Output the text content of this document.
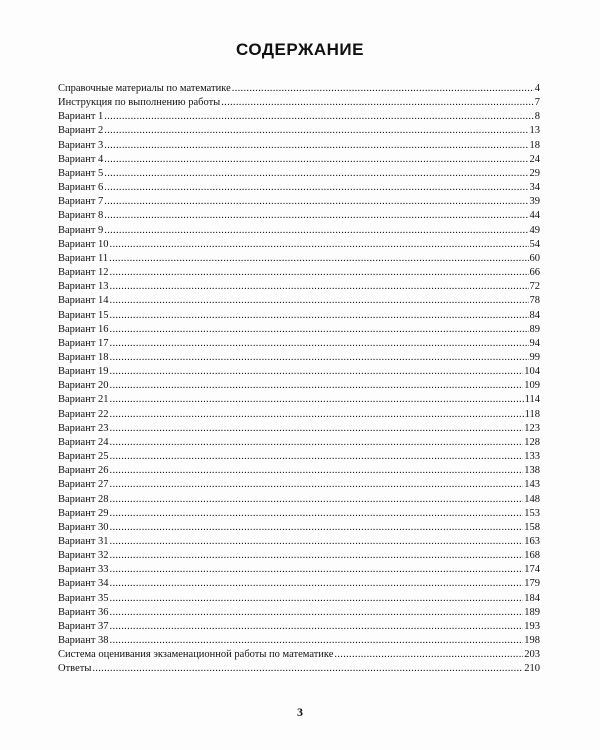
СОДЕРЖАНИЕ
Справочные материалы по математике .....	4
Инструкция по выполнению работы .....	7
Вариант 1 .....	8
Вариант 2 .....	13
Вариант 3 .....	18
Вариант 4 .....	24
Вариант 5 .....	29
Вариант 6 .....	34
Вариант 7 .....	39
Вариант 8 .....	44
Вариант 9 .....	49
Вариант 10 .....	54
Вариант 11 .....	60
Вариант 12 .....	66
Вариант 13 .....	72
Вариант 14 .....	78
Вариант 15 .....	84
Вариант 16 .....	89
Вариант 17 .....	94
Вариант 18 .....	99
Вариант 19 .....	104
Вариант 20 .....	109
Вариант 21 .....	114
Вариант 22 .....	118
Вариант 23 .....	123
Вариант 24 .....	128
Вариант 25 .....	133
Вариант 26 .....	138
Вариант 27 .....	143
Вариант 28 .....	148
Вариант 29 .....	153
Вариант 30 .....	158
Вариант 31 .....	163
Вариант 32 .....	168
Вариант 33 .....	174
Вариант 34 .....	179
Вариант 35 .....	184
Вариант 36 .....	189
Вариант 37 .....	193
Вариант 38 .....	198
Система оценивания экзаменационной работы по математике .....	203
Ответы .....	210
3
